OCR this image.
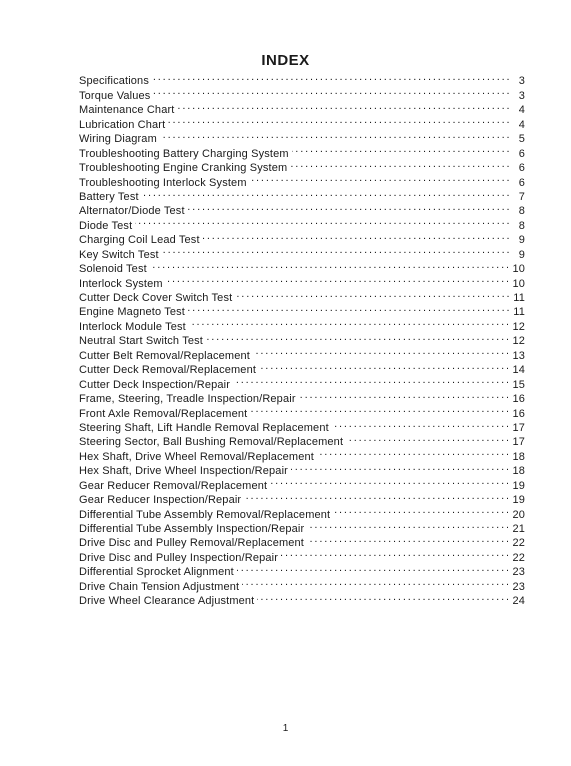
INDEX
Specifications . . .	3
Torque Values . . .	3
Maintenance Chart . . .	4
Lubrication Chart . . .	4
Wiring Diagram . . .	5
Troubleshooting Battery Charging System . . .	6
Troubleshooting Engine Cranking System . . .	6
Troubleshooting Interlock System . . .	6
Battery Test . . .	7
Alternator/Diode Test . . .	8
Diode Test . . .	8
Charging Coil Lead Test . . .	9
Key Switch Test . . .	9
Solenoid Test . . .	10
Interlock System . . .	10
Cutter Deck Cover Switch Test . . .	11
Engine Magneto Test . . .	11
Interlock Module Test . . .	12
Neutral Start Switch Test . . .	12
Cutter Belt Removal/Replacement . . .	13
Cutter Deck Removal/Replacement . . .	14
Cutter Deck Inspection/Repair . . .	15
Frame, Steering, Treadle Inspection/Repair . . .	16
Front Axle Removal/Replacement . . .	16
Steering Shaft, Lift Handle Removal Replacement . . .	17
Steering Sector, Ball Bushing Removal/Replacement . . .	17
Hex Shaft, Drive Wheel Removal/Replacement . . .	18
Hex Shaft, Drive Wheel Inspection/Repair . . .	18
Gear Reducer Removal/Replacement . . .	19
Gear Reducer Inspection/Repair . . .	19
Differential Tube Assembly Removal/Replacement . . .	20
Differential Tube Assembly Inspection/Repair . . .	21
Drive Disc and Pulley Removal/Replacement . . .	22
Drive Disc and Pulley Inspection/Repair . . .	22
Differential Sprocket Alignment . . .	23
Drive Chain Tension Adjustment . . .	23
Drive Wheel Clearance Adjustment . . .	24
1
